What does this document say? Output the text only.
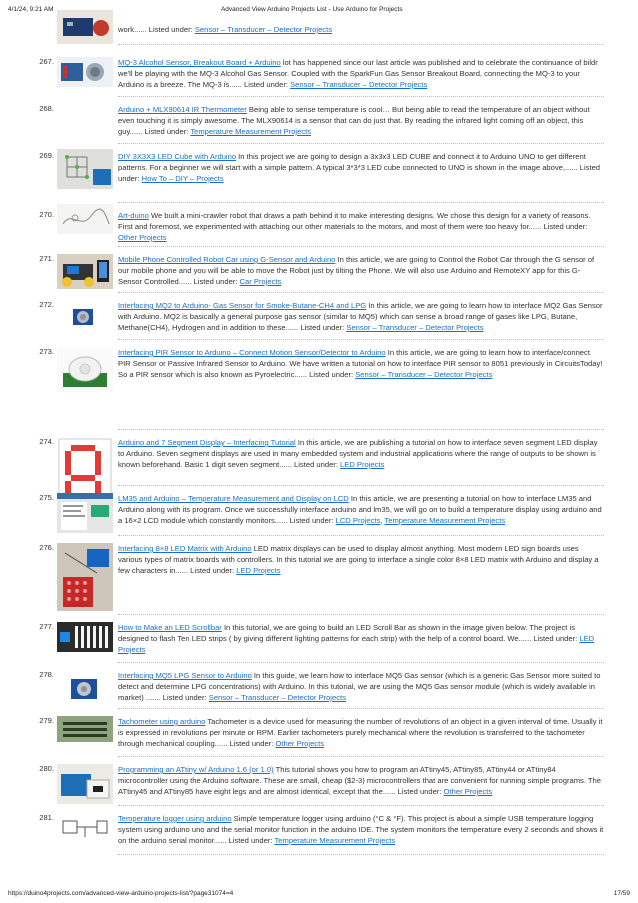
4/1/24, 9:21 AM	Advanced View Arduino Projects List - Use Arduino for Projects
work...... Listed under: Sensor – Transducer – Detector Projects
267.	MQ-3 Alcohol Sensor, Breakout Board + Arduino lot has happened since our last article was published and to celebrate the continuance of bildr we'll be playing with the MQ-3 Alcohol Gas Sensor. Coupled with the SparkFun Gas Sensor Breakout Board, connecting the MQ-3 to your Arduino is a breeze. The MQ-3 is...... Listed under: Sensor – Transducer – Detector Projects
268.	Arduino + MLX90614 IR Thermometer Being able to sense temperature is cool… But being able to read the temperature of an object without even touching it is simply awesome. The MLX90614 is a sensor that can do just that. By reading the infrared light coming off an object, this guy...... Listed under: Temperature Measurement Projects
269.	DIY 3X3X3 LED Cube with Arduino In this project we are going to design a 3x3x3 LED CUBE and connect it to Arduino UNO to get different patterns. For a beginner we will start with a simple pattern. A typical 3*3*3 LED cube connected to UNO is shown in the image above,...... Listed under: How To – DIY – Projects
270.	Art-duino We built a mini-crawler robot that draws a path behind it to make interesting designs. We chose this design for a variety of reasons. First and foremost, we experimented with attaching our other materials to the motors, and most of them were too heavy for...... Listed under: Other Projects
271.	Mobile Phone Controlled Robot Car using G-Sensor and Arduino In this article, we are going to Control the Robot Car through the G sensor of our mobile phone and you will be able to move the Robot just by tilting the Phone. We will also use Arduino and RemoteXY app for this G-Sensor Controlled...... Listed under: Car Projects
272.	Interfacing MQ2 to Arduino- Gas Sensor for Smoke-Butane-CH4 and LPG In this article, we are going to learn how to interface MQ2 Gas Sensor with Arduino. MQ2 is basically a general purpose gas sensor (similar to MQ5) which can sense a broad range of gases like LPG, Butane, Methane(CH4), Hydrogen and in addition to these...... Listed under: Sensor – Transducer – Detector Projects
273.	Interfacing PIR Sensor to Arduino – Connect Motion Sensor/Detector to Arduino In this article, we are going to learn how to interface/connect PIR Sensor or Passive Infrared Sensor to Arduino. We have written a tutorial on how to interface PIR sensor to 8051 previously in CircuitsToday! So a PIR sensor which is also known as Pyroelectric...... Listed under: Sensor – Transducer – Detector Projects
274.	Arduino and 7 Segment Display – Interfacing Tutorial In this article, we are publishing a tutorial on how to interface seven segment LED display to Arduino. Seven segment displays are used in many embedded system and industrial applications where the range of outputs to be shown is known beforehand. Basic 1 digit seven segment...... Listed under: LED Projects
275.	LM35 and Arduino – Temperature Measurement and Display on LCD In this article, we are presenting a tutorial on how to interface LM35 and Arduino along with its program. Once we successfully interface arduino and lm35, we will go on to build a temperature display using arduino and a 16×2 LCD module which constantly monitors...... Listed under: LCD Projects, Temperature Measurement Projects
276.	Interfacing 8×8 LED Matrix with Arduino LED matrix displays can be used to display almost anything. Most modern LED sign boards uses various types of matrix boards with controllers. In this tutorial we are going to interface a single color 8×8 LED matrix with Arduino and display a few characters in...... Listed under: LED Projects
277.	How to Make an LED Scrollbar In this tutorial, we are going to build an LED Scroll Bar as shown in the image given below. The project is designed to flash Ten LED strips ( by giving different lighting patterns for each strip) with the help of a control board. We...... Listed under: LED Projects
278.	Interfacing MQ5 LPG Sensor to Arduino In this guide, we learn how to interface MQ5 Gas sensor (which is a generic Gas Sensor more suited to detect and determine LPG concentrations) with Arduino. In this tutorial, we are using the MQ5 Gas sensor module (which is widely available in market) ....... Listed under: Sensor – Transducer – Detector Projects
279.	Tachometer using arduino Tachometer is a device used for measuring the number of revolutions of an object in a given interval of time. Usually it is expressed in revolutions per minute or RPM. Earlier tachometers purely mechanical where the revolution is transferred to the tachometer through mechanical coupling...... Listed under: Other Projects
280.	Programming an ATtiny w/ Arduino 1.6 (or 1.0) This tutorial shows you how to program an ATtiny45, ATtiny85, ATtiny44 or ATtiny84 microcontroller using the Arduino software. These are small, cheap ($2-3) microcontrollers that are convenient for running simple programs. The ATtiny45 and ATtiny85 have eight legs and are almost identical, except that the...... Listed under: Other Projects
281.	Temperature logger using arduino Simple temperature logger using arduino (°C & °F). This project is about a simple USB temperature logging system using arduino uno and the serial monitor function in the arduino IDE. The system monitors the temperature every 2 seconds and shows it on the arduino serial monitor...... Listed under: Temperature Measurement Projects
https://duino4projects.com/advanced-view-arduino-projects-list/?page31074=4	17/59
